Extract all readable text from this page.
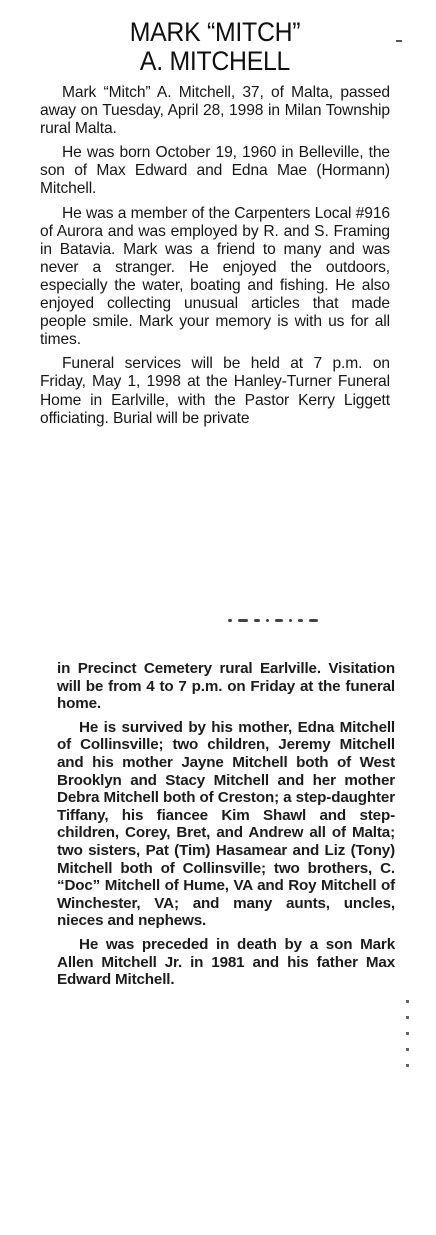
MARK “MITCH”
A. MITCHELL

Mark “Mitch” A. Mitchell, 37, of Malta, passed away on Tuesday, April 28, 1998 in Milan Township rural Malta.

He was born October 19, 1960 in Belleville, the son of Max Edward and Edna Mae (Hormann) Mitchell.

He was a member of the Carpenters Local #916 of Aurora and was employed by R. and S. Framing in Batavia. Mark was a friend to many and was never a stranger. He enjoyed the outdoors, especially the water, boating and fishing. He also enjoyed collecting unusual articles that made people smile. Mark your memory is with us for all times.

Funeral services will be held at 7 p.m. on Friday, May 1, 1998 at the Hanley-Turner Funeral Home in Earlville, with the Pastor Kerry Liggett officiating. Burial will be private

in Precinct Cemetery rural Earlville. Visitation will be from 4 to 7 p.m. on Friday at the funeral home.

He is survived by his mother, Edna Mitchell of Collinsville; two children, Jeremy Mitchell and his mother Jayne Mitchell both of West Brooklyn and Stacy Mitchell and her mother Debra Mitchell both of Creston; a step-daughter Tiffany, his fiancee Kim Shawl and step-children, Corey, Bret, and Andrew all of Malta; two sisters, Pat (Tim) Hasamear and Liz (Tony) Mitchell both of Collinsville; two brothers, C. “Doc” Mitchell of Hume, VA and Roy Mitchell of Winchester, VA; and many aunts, uncles, nieces and nephews.

He was preceded in death by a son Mark Allen Mitchell Jr. in 1981 and his father Max Edward Mitchell.
